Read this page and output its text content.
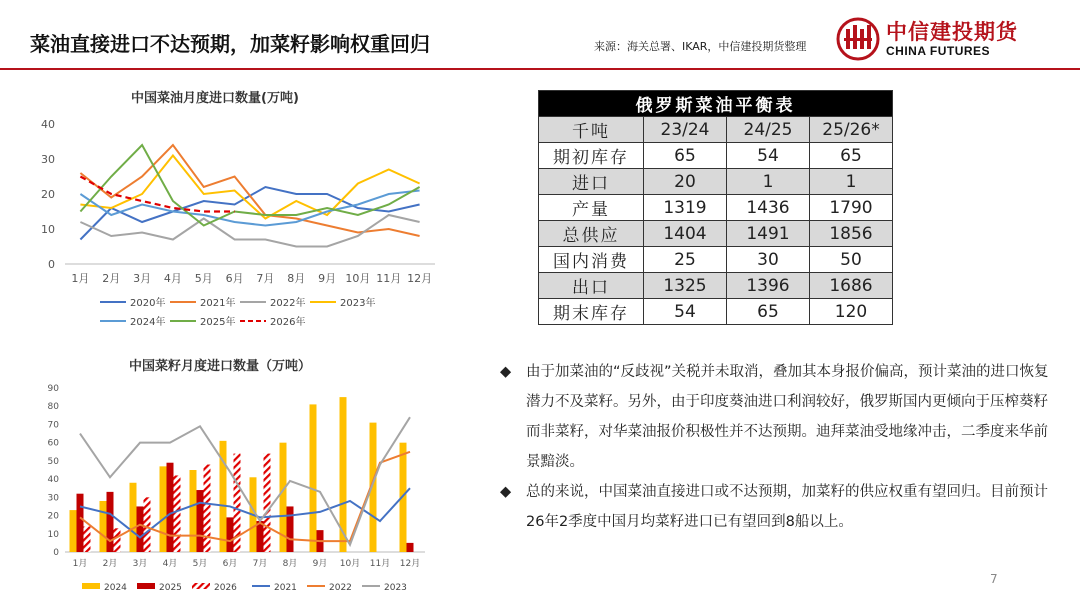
菜油直接进口不达预期，加菜籽影响权重回归	来源：海关总署、IKAR，中信建投期货整理
中信建投期货
CHINA FUTURES
中国菜油月度进口数量(万吨)
0
10
20
30
40
1月 2月 3月 4月 5月 6月 7月 8月 9月 10月 11月 12月
2020年	2021年	2022年	2023年
2024年	2025年	2026年
中国菜籽月度进口数量（万吨）
0
10
20
30
40
50
60
70
80
90
1月 2月 3月 4月 5月 6月 7月 8月 9月 10月 11月 12月
2024	2025	2026	2021	2022	2023
俄罗斯菜油平衡表			
千吨	23/24	24/25	25/26*
期初库存	65	54	65
进口	20	1	1
产量	1319	1436	1790
总供应	1404	1491	1856
国内消费	25	30	50
出口	1325	1396	1686
期末库存	54	65	120
◆ 由于加菜油的“反歧视”关税并未取消，叠加其本身报价偏高，预计菜油的进口恢复潜力不及菜籽。另外，由于印度葵油进口利润较好，俄罗斯国内更倾向于压榨葵籽而非菜籽，对华菜油报价积极性并不达预期。迪拜菜油受地缘冲击，二季度来华前景黯淡。
◆ 总的来说，中国菜油直接进口或不达预期，加菜籽的供应权重有望回归。目前预计26年2季度中国月均菜籽进口已有望回到8船以上。
7
